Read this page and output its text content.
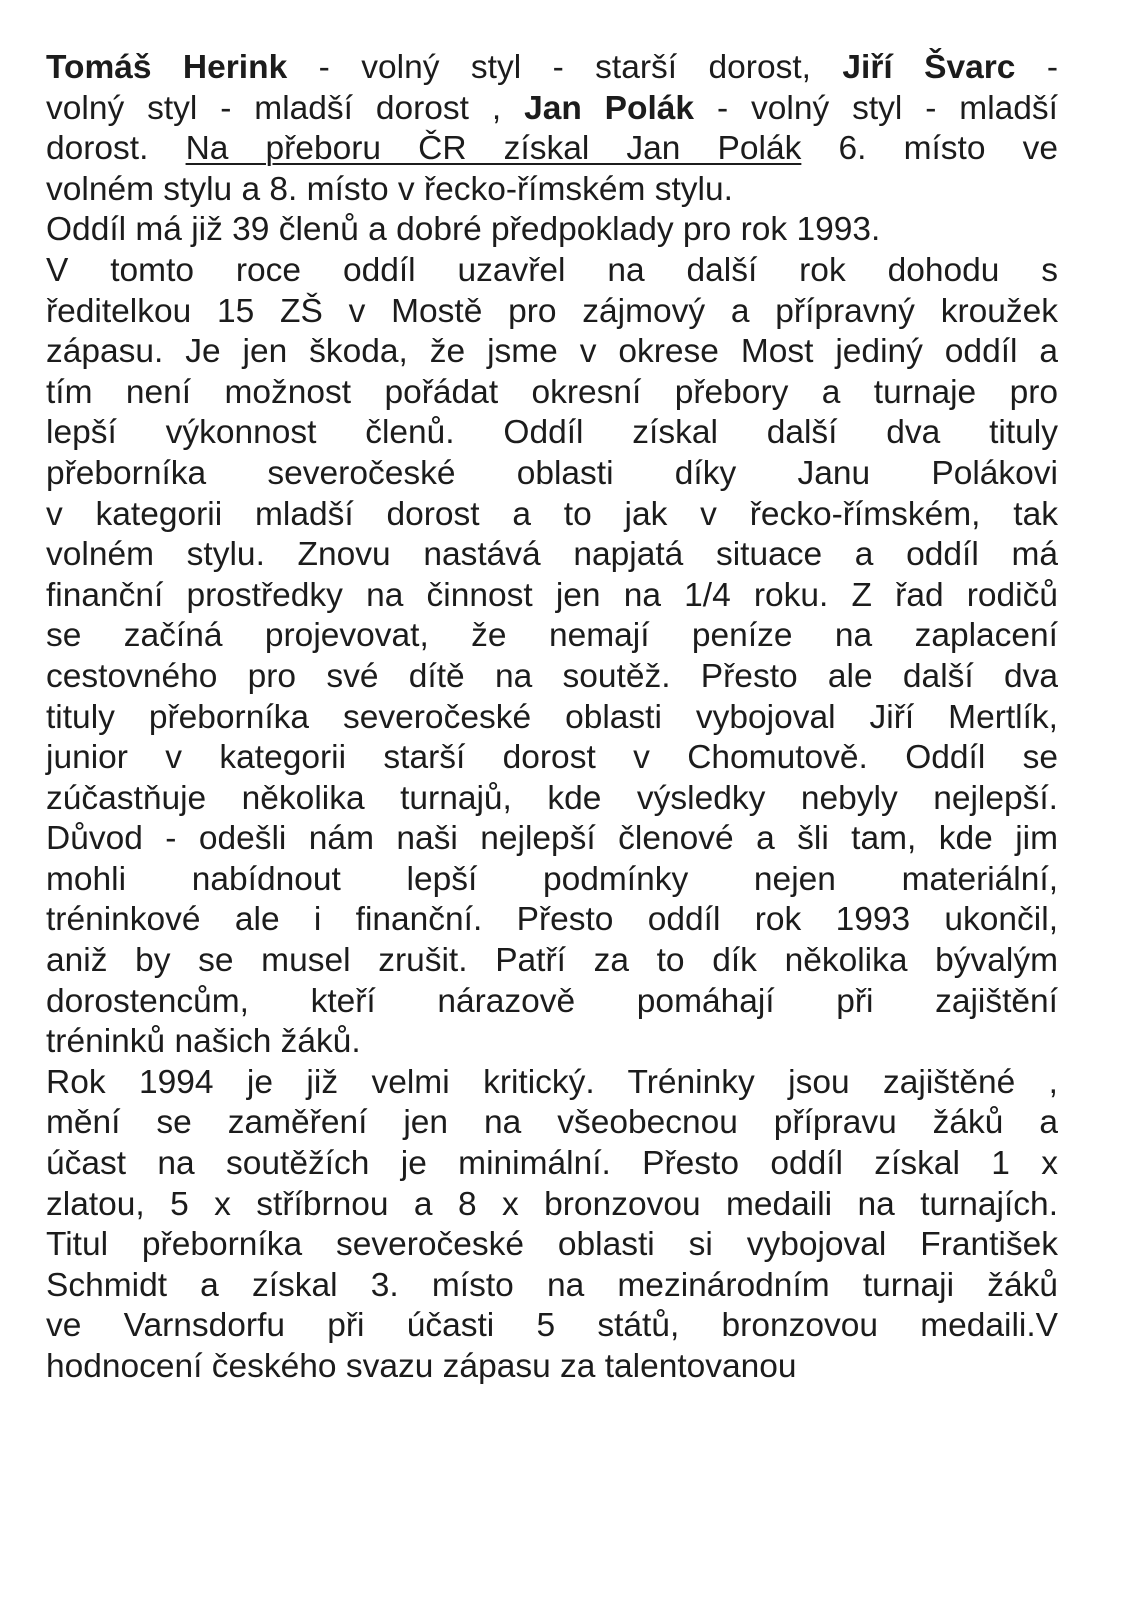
Tomáš Herink - volný styl - starší dorost, Jiří Švarc -
volný styl - mladší dorost , Jan Polák - volný styl - mladší
dorost. Na přeboru ČR získal Jan Polák 6. místo ve
volném stylu a 8. místo v řecko-římském stylu.
Oddíl má již 39 členů a dobré předpoklady pro rok 1993.
V tomto roce oddíl uzavřel na další rok dohodu s
ředitelkou 15 ZŠ v Mostě pro zájmový a přípravný kroužek
zápasu. Je jen škoda, že jsme v okrese Most jediný oddíl a
tím není možnost pořádat okresní přebory a turnaje pro
lepší výkonnost členů. Oddíl získal další dva tituly
přeborníka severočeské oblasti díky Janu Polákovi
v kategorii mladší dorost a to jak v řecko-římském, tak
volném stylu. Znovu nastává napjatá situace a oddíl má
finanční prostředky na činnost jen na 1/4 roku. Z řad rodičů
se začíná projevovat, že nemají peníze na zaplacení
cestovného pro své dítě na soutěž. Přesto ale další dva
tituly přeborníka severočeské oblasti vybojoval Jiří Mertlík,
junior v kategorii starší dorost v Chomutově. Oddíl se
zúčastňuje několika turnajů, kde výsledky nebyly nejlepší.
Důvod - odešli nám naši nejlepší členové a šli tam, kde jim
mohli nabídnout lepší podmínky nejen materiální,
tréninkové ale i finanční. Přesto oddíl rok 1993 ukončil,
aniž by se musel zrušit. Patří za to dík několika bývalým
dorostencům, kteří nárazově pomáhají při zajištění
tréninků našich žáků.
Rok 1994 je již velmi kritický. Tréninky jsou zajištěné ,
mění se zaměření jen na všeobecnou přípravu žáků a
účast na soutěžích je minimální. Přesto oddíl získal 1 x
zlatou, 5 x stříbrnou a 8 x bronzovou medaili na turnajích.
Titul přeborníka severočeské oblasti si vybojoval František
Schmidt a získal 3. místo na mezinárodním turnaji žáků
ve Varnsdorfu při účasti 5 států, bronzovou medaili.V
hodnocení českého svazu zápasu za talentovanou
